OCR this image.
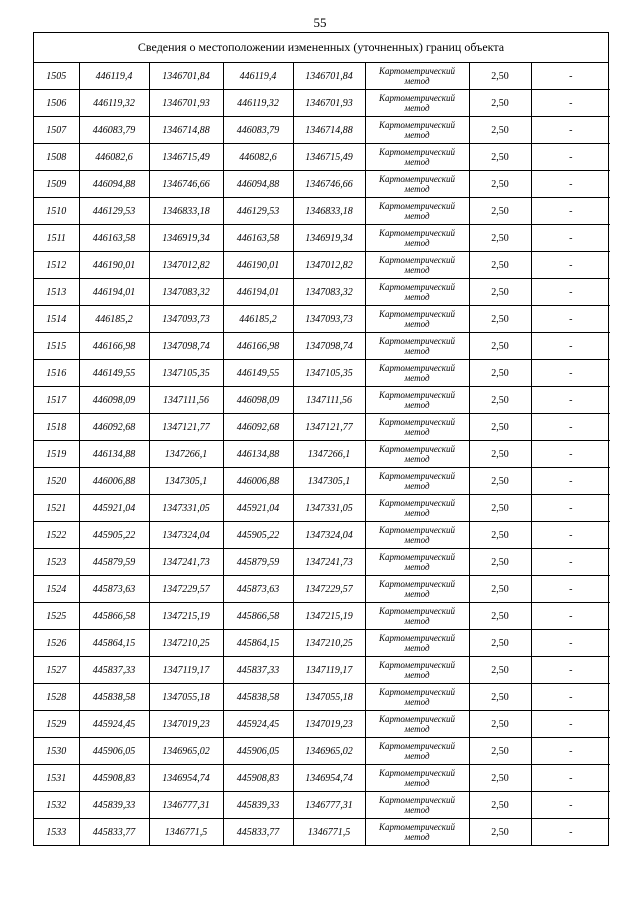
55
Сведения о местоположении измененных (уточненных) границ объекта
1505	446119,4	1346701,84	446119,4	1346701,84	Картометрический метод	2,50	-
1506	446119,32	1346701,93	446119,32	1346701,93	Картометрический метод	2,50	-
1507	446083,79	1346714,88	446083,79	1346714,88	Картометрический метод	2,50	-
1508	446082,6	1346715,49	446082,6	1346715,49	Картометрический метод	2,50	-
1509	446094,88	1346746,66	446094,88	1346746,66	Картометрический метод	2,50	-
1510	446129,53	1346833,18	446129,53	1346833,18	Картометрический метод	2,50	-
1511	446163,58	1346919,34	446163,58	1346919,34	Картометрический метод	2,50	-
1512	446190,01	1347012,82	446190,01	1347012,82	Картометрический метод	2,50	-
1513	446194,01	1347083,32	446194,01	1347083,32	Картометрический метод	2,50	-
1514	446185,2	1347093,73	446185,2	1347093,73	Картометрический метод	2,50	-
1515	446166,98	1347098,74	446166,98	1347098,74	Картометрический метод	2,50	-
1516	446149,55	1347105,35	446149,55	1347105,35	Картометрический метод	2,50	-
1517	446098,09	1347111,56	446098,09	1347111,56	Картометрический метод	2,50	-
1518	446092,68	1347121,77	446092,68	1347121,77	Картометрический метод	2,50	-
1519	446134,88	1347266,1	446134,88	1347266,1	Картометрический метод	2,50	-
1520	446006,88	1347305,1	446006,88	1347305,1	Картометрический метод	2,50	-
1521	445921,04	1347331,05	445921,04	1347331,05	Картометрический метод	2,50	-
1522	445905,22	1347324,04	445905,22	1347324,04	Картометрический метод	2,50	-
1523	445879,59	1347241,73	445879,59	1347241,73	Картометрический метод	2,50	-
1524	445873,63	1347229,57	445873,63	1347229,57	Картометрический метод	2,50	-
1525	445866,58	1347215,19	445866,58	1347215,19	Картометрический метод	2,50	-
1526	445864,15	1347210,25	445864,15	1347210,25	Картометрический метод	2,50	-
1527	445837,33	1347119,17	445837,33	1347119,17	Картометрический метод	2,50	-
1528	445838,58	1347055,18	445838,58	1347055,18	Картометрический метод	2,50	-
1529	445924,45	1347019,23	445924,45	1347019,23	Картометрический метод	2,50	-
1530	445906,05	1346965,02	445906,05	1346965,02	Картометрический метод	2,50	-
1531	445908,83	1346954,74	445908,83	1346954,74	Картометрический метод	2,50	-
1532	445839,33	1346777,31	445839,33	1346777,31	Картометрический метод	2,50	-
1533	445833,77	1346771,5	445833,77	1346771,5	Картометрический метод	2,50	-
